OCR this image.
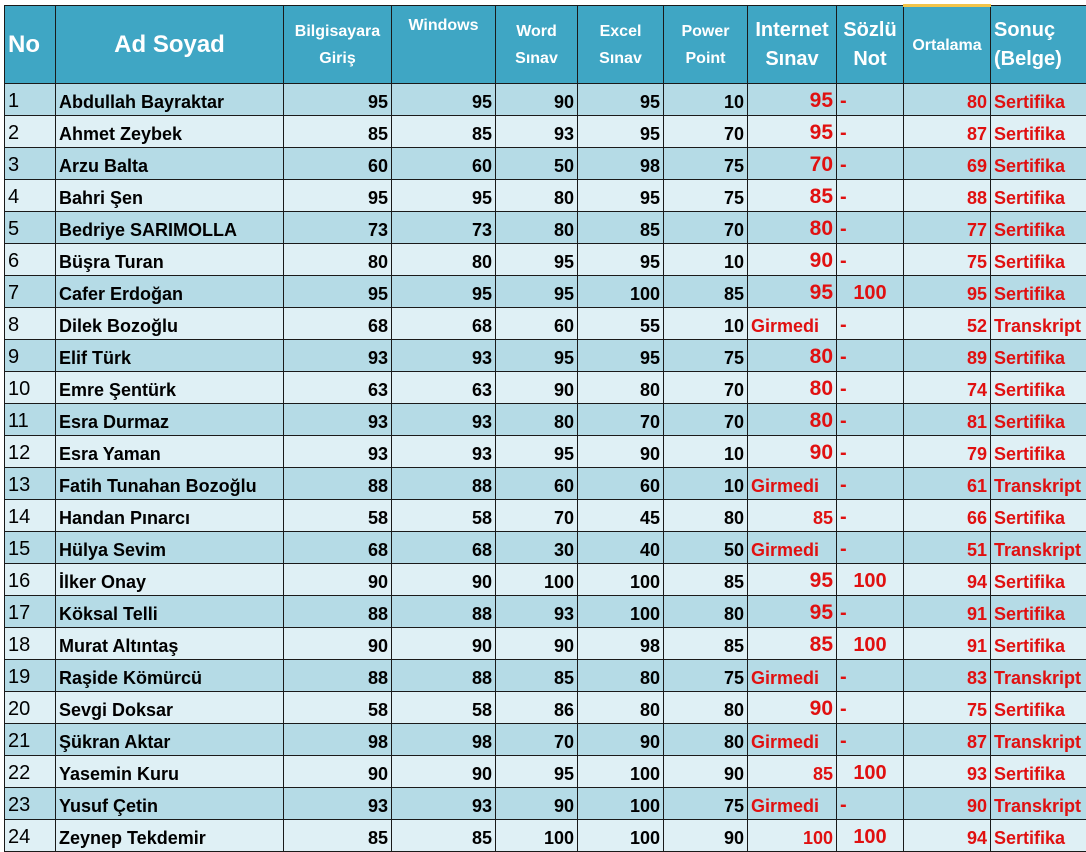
No	Ad Soyad	Bilgisayara Giriş	Windows	Word Sınav	Excel Sınav	Power Point	Internet Sınav	Sözlü Not	Ortalama	Sonuç (Belge)
1	Abdullah Bayraktar	95	95	90	95	10	95	-	80	Sertifika
2	Ahmet Zeybek	85	85	93	95	70	95	-	87	Sertifika
3	Arzu Balta	60	60	50	98	75	70	-	69	Sertifika
4	Bahri Şen	95	95	80	95	75	85	-	88	Sertifika
5	Bedriye SARIMOLLA	73	73	80	85	70	80	-	77	Sertifika
6	Büşra Turan	80	80	95	95	10	90	-	75	Sertifika
7	Cafer Erdoğan	95	95	95	100	85	95	100	95	Sertifika
8	Dilek Bozoğlu	68	68	60	55	10	Girmedi	-	52	Transkript
9	Elif Türk	93	93	95	95	75	80	-	89	Sertifika
10	Emre Şentürk	63	63	90	80	70	80	-	74	Sertifika
11	Esra Durmaz	93	93	80	70	70	80	-	81	Sertifika
12	Esra Yaman	93	93	95	90	10	90	-	79	Sertifika
13	Fatih Tunahan Bozoğlu	88	88	60	60	10	Girmedi	-	61	Transkript
14	Handan Pınarcı	58	58	70	45	80	85	-	66	Sertifika
15	Hülya Sevim	68	68	30	40	50	Girmedi	-	51	Transkript
16	İlker Onay	90	90	100	100	85	95	100	94	Sertifika
17	Köksal Telli	88	88	93	100	80	95	-	91	Sertifika
18	Murat Altıntaş	90	90	90	98	85	85	100	91	Sertifika
19	Raşide Kömürcü	88	88	85	80	75	Girmedi	-	83	Transkript
20	Sevgi Doksar	58	58	86	80	80	90	-	75	Sertifika
21	Şükran Aktar	98	98	70	90	80	Girmedi	-	87	Transkript
22	Yasemin Kuru	90	90	95	100	90	85	100	93	Sertifika
23	Yusuf Çetin	93	93	90	100	75	Girmedi	-	90	Transkript
24	Zeynep Tekdemir	85	85	100	100	90	100	100	94	Sertifika
